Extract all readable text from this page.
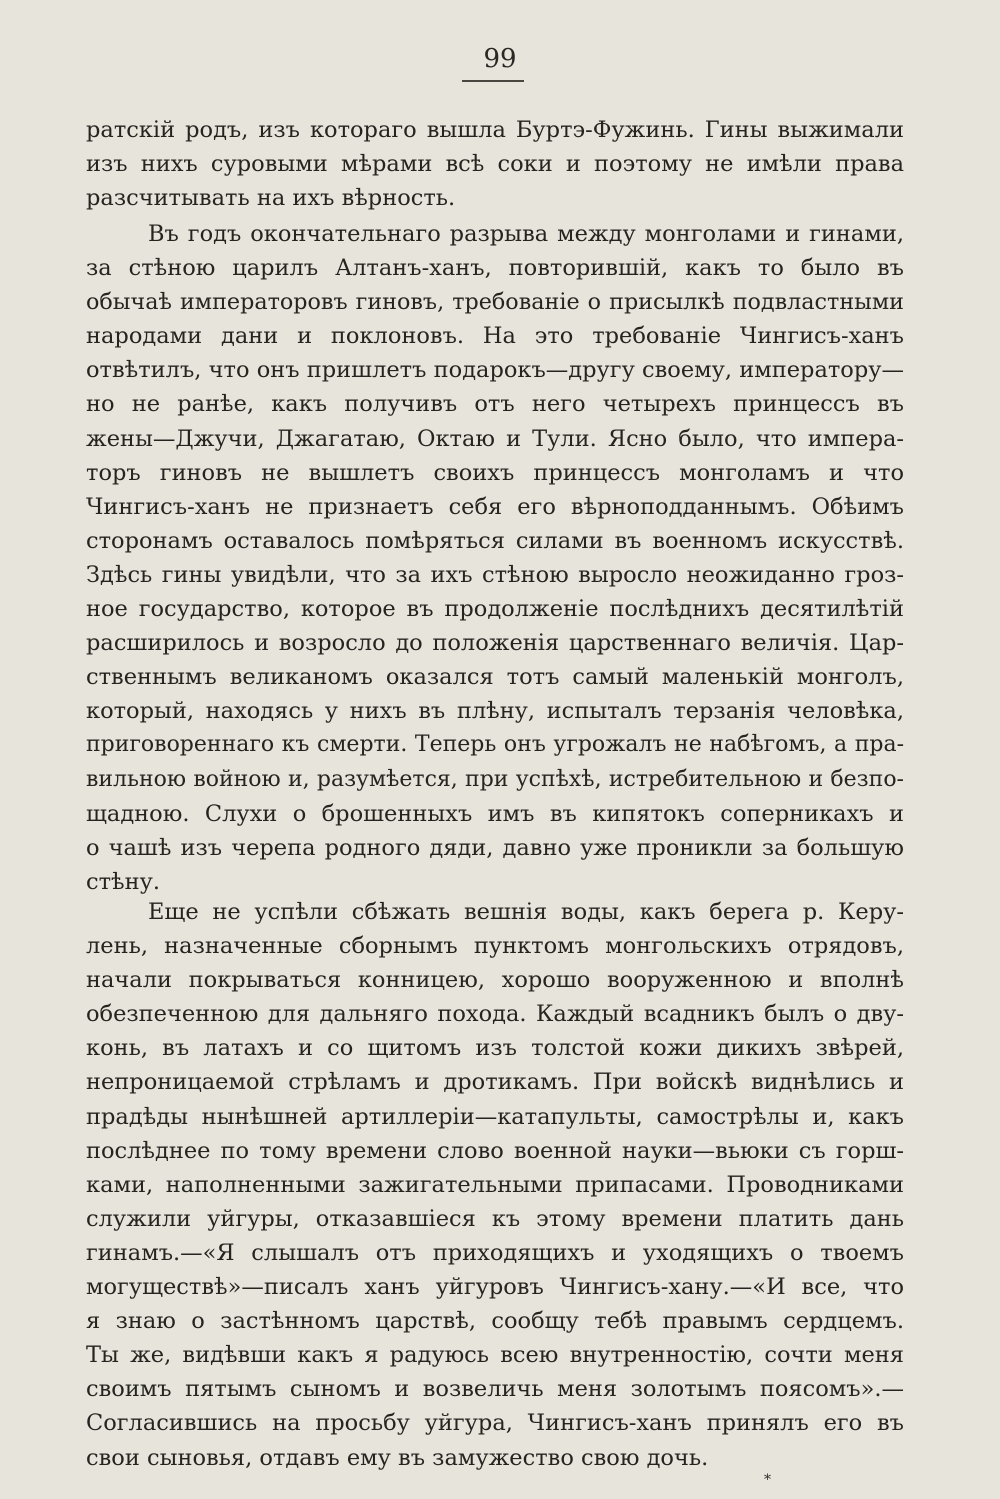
99
ратскій родъ, изъ котораго вышла Буртэ-Фужинь. Гины выжимали
изъ нихъ суровыми мѣрами всѣ соки и поэтому не имѣли права
разсчитывать на ихъ вѣрность.
Въ годъ окончательнаго разрыва между монголами и гинами,
за стѣною царилъ Алтанъ-ханъ, повторившій, какъ то было въ
обычаѣ императоровъ гиновъ, требованіе о присылкѣ подвластными
народами дани и поклоновъ. На это требованіе Чингисъ-ханъ
отвѣтилъ, что онъ пришлетъ подарокъ—другу своему, императору—
но не ранѣе, какъ получивъ отъ него четырехъ принцессъ въ
жены—Джучи, Джагатаю, Октаю и Тули. Ясно было, что импера-
торъ гиновъ не вышлетъ своихъ принцессъ монголамъ и что
Чингисъ-ханъ не признаетъ себя его вѣрноподданнымъ. Обѣимъ
сторонамъ оставалось помѣряться силами въ военномъ искусствѣ.
Здѣсь гины увидѣли, что за ихъ стѣною выросло неожиданно гроз-
ное государство, которое въ продолженіе послѣднихъ десятилѣтій
расширилось и возросло до положенія царственнаго величія. Цар-
ственнымъ великаномъ оказался тотъ самый маленькій монголъ,
который, находясь у нихъ въ плѣну, испыталъ терзанія человѣка,
приговореннаго къ смерти. Теперь онъ угрожалъ не набѣгомъ, а пра-
вильною войною и, разумѣется, при успѣхѣ, истребительною и безпо-
щадною. Слухи о брошенныхъ имъ въ кипятокъ соперникахъ и
о чашѣ изъ черепа родного дяди, давно уже проникли за большую
стѣну.
Еще не успѣли сбѣжать вешнія воды, какъ берега р. Керу-
лень, назначенные сборнымъ пунктомъ монгольскихъ отрядовъ,
начали покрываться конницею, хорошо вооруженною и вполнѣ
обезпеченною для дальняго похода. Каждый всадникъ былъ о дву-
конь, въ латахъ и со щитомъ изъ толстой кожи дикихъ звѣрей,
непроницаемой стрѣламъ и дротикамъ. При войскѣ виднѣлись и
прадѣды нынѣшней артиллеріи—катапульты, самострѣлы и, какъ
послѣднее по тому времени слово военной науки—вьюки съ горш-
ками, наполненными зажигательными припасами. Проводниками
служили уйгуры, отказавшіеся къ этому времени платить дань
гинамъ.—«Я слышалъ отъ приходящихъ и уходящихъ о твоемъ
могуществѣ»—писалъ ханъ уйгуровъ Чингисъ-хану.—«И все, что
я знаю о застѣнномъ царствѣ, сообщу тебѣ правымъ сердцемъ.
Ты же, видѣвши какъ я радуюсь всею внутренностію, сочти меня
своимъ пятымъ сыномъ и возвеличь меня золотымъ поясомъ».—
Согласившись на просьбу уйгура, Чингисъ-ханъ принялъ его въ
свои сыновья, отдавъ ему въ замужество свою дочь.
*
